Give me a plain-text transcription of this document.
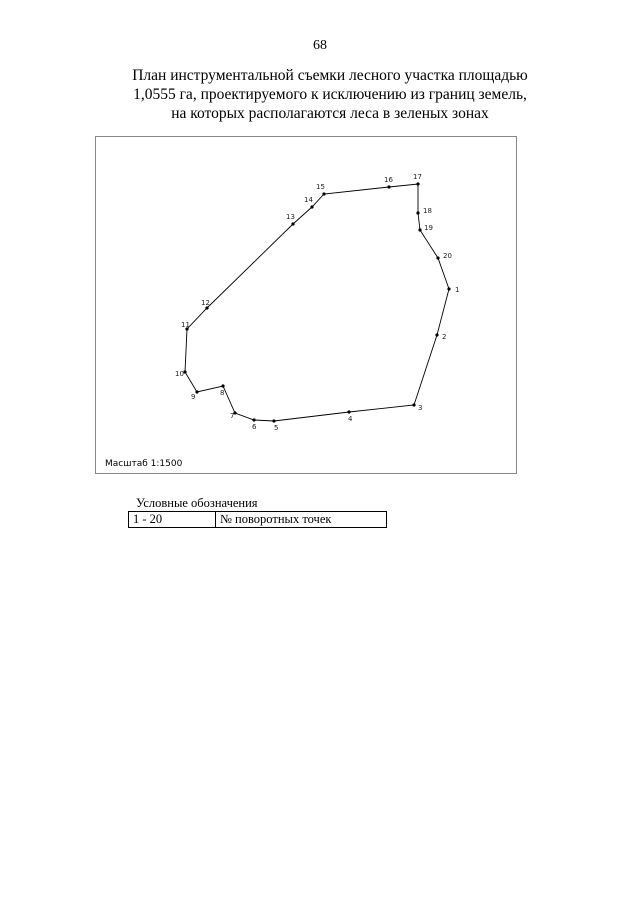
68
План инструментальной съемки лесного участка площадью
1,0555 га, проектируемого к исключению из границ земель,
на которых располагаются леса в зеленых зонах
1
2
3
4
5
6
7
8
9
10
11
12
13
14
15
16	17
18
19
20
Масштаб 1:1500
Условные обозначения
1 - 20	№ поворотных точек
